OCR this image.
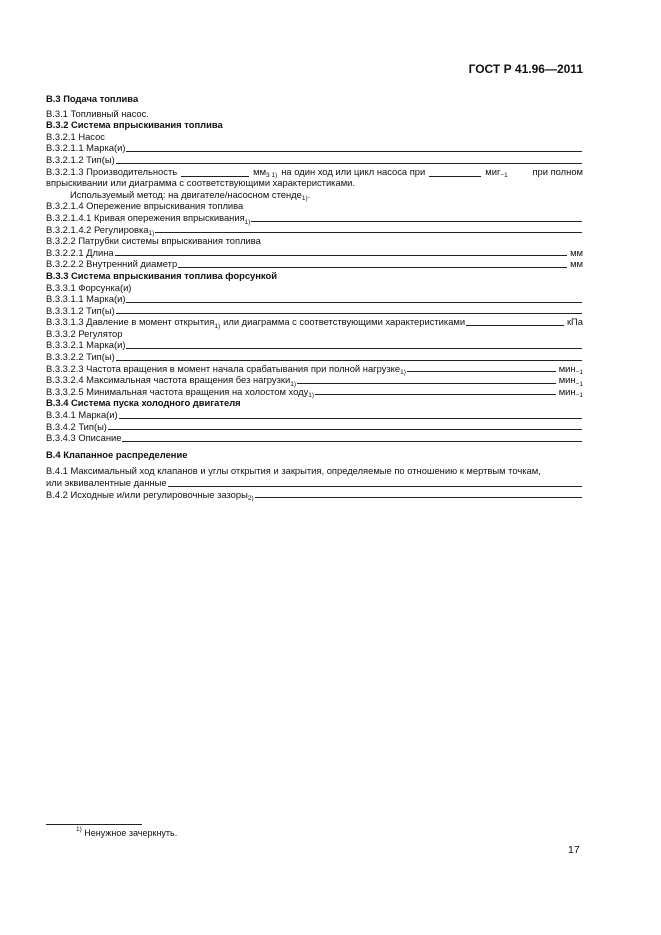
ГОСТ Р 41.96—2011
B.3 Подача топлива
B.3.1 Топливный насос.
B.3.2 Система впрыскивания топлива
B.3.2.1 Насос
B.3.2.1.1 Марка(и)
B.3.2.1.2 Тип(ы)
B.3.2.1.3 Производительность	$мм^{3 1)}$ на один ход или цикл насоса при	миг$^{-1}$	при полном
впрыскивании или диаграмма с соответствующими характеристиками.
Используемый метод: на двигателе/насосном стенде$^{1)}$ .
B.3.2.1.4 Опережение впрыскивания топлива
B.3.2.1.4.1 Кривая опережения впрыскивания$^{1)}$
B.3.2.1.4.2 Регулировка$^{1)}$
B.3.2.2 Патрубки системы впрыскивания топлива
B.3.2.2.1 Длина	мм
B.3.2.2.2 Внутренний диаметр	мм
B.3.3 Система впрыскивания топлива форсункой
B.3.3.1 Форсунка(и)
B.3.3.1.1 Марка(и)
B.3.3.1.2 Тип(ы)
B.3.3.1.3 Давление в момент открытия$^{1)}$ или диаграмма с соответствующими характеристиками	кПа
B.3.3.2 Регулятор
B.3.3.2.1 Марка(и)
B.3.3.2.2 Тип(ы)
B.3.3.2.3 Частота вращения в момент начала срабатывания при полной нагрузке$^{1)}$	мин$^{-1}$
B.3.3.2.4 Максимальная частота вращения без нагрузки$^{1)}$	мин$^{-1}$
B.3.3.2.5 Минимальная частота вращения на холостом ходу$^{1)}$	мин$^{-1}$
B.3.4 Система пуска холодного двигателя
B.3.4.1 Марка(и)
B.3.4.2 Тип(ы)
B.3.4.3 Описание
B.4 Клапанное распределение
B.4.1 Максимальный ход клапанов и углы открытия и закрытия, определяемые по отношению к мертвым точкам,
или эквивалентные данные
B.4.2 Исходные и/или регулировочные зазоры$^{2)}$
$^{1)}$ Ненужное зачеркнуть.
17
